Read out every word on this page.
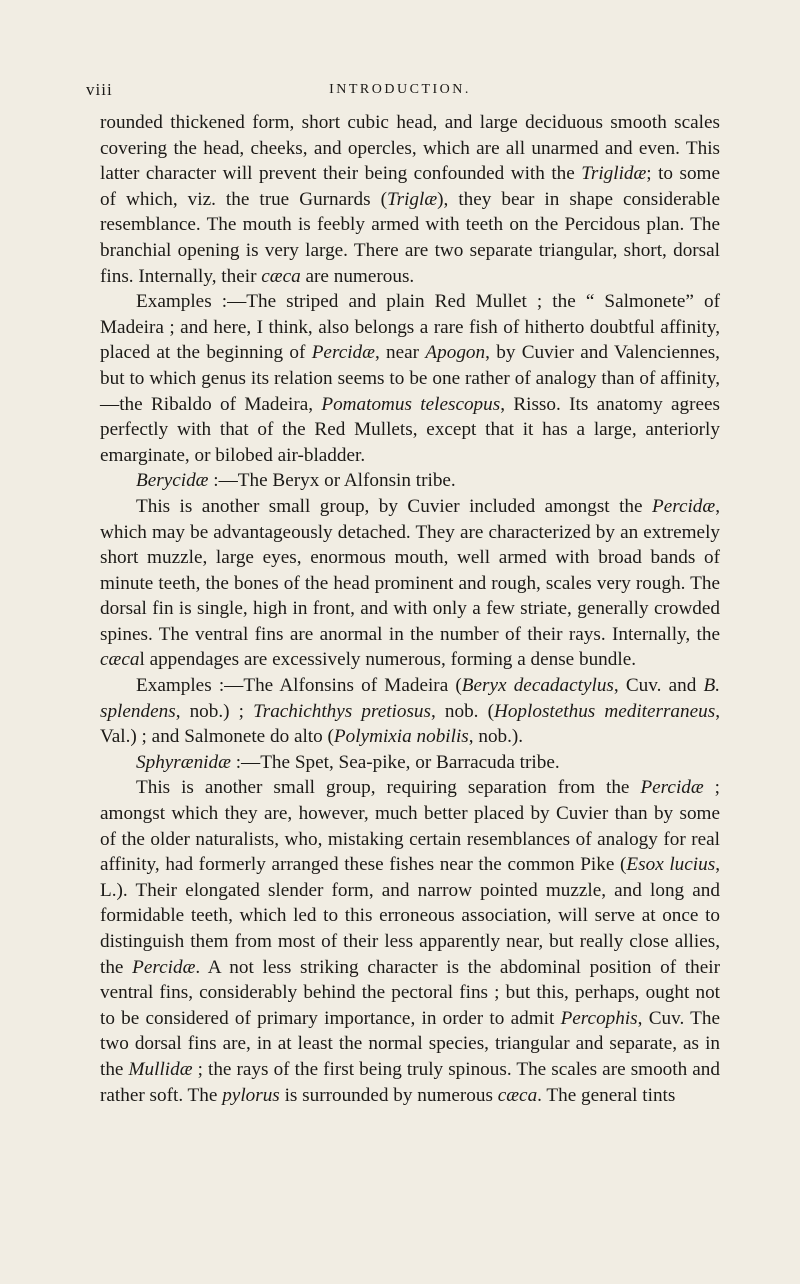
viii	INTRODUCTION.

rounded thickened form, short cubic head, and large deciduous smooth scales covering the head, cheeks, and opercles, which are all unarmed and even. This latter character will prevent their being confounded with the Triglidæ; to some of which, viz. the true Gurnards (Triglæ), they bear in shape considerable resemblance. The mouth is feebly armed with teeth on the Percidous plan. The branchial opening is very large. There are two separate triangular, short, dorsal fins. Internally, their cæca are numerous.

Examples :—The striped and plain Red Mullet ; the “ Salmonete” of Madeira ; and here, I think, also belongs a rare fish of hitherto doubtful affinity, placed at the beginning of Percidæ, near Apogon, by Cuvier and Valenciennes, but to which genus its relation seems to be one rather of analogy than of affinity,—the Ribaldo of Madeira, Pomatomus telescopus, Risso. Its anatomy agrees perfectly with that of the Red Mullets, except that it has a large, anteriorly emarginate, or bilobed air-bladder.

Berycidæ :—The Beryx or Alfonsin tribe.

This is another small group, by Cuvier included amongst the Percidæ, which may be advantageously detached. They are characterized by an extremely short muzzle, large eyes, enormous mouth, well armed with broad bands of minute teeth, the bones of the head prominent and rough, scales very rough. The dorsal fin is single, high in front, and with only a few striate, generally crowded spines. The ventral fins are anormal in the number of their rays. Internally, the cæcal appendages are excessively numerous, forming a dense bundle.

Examples :—The Alfonsins of Madeira (Beryx decadactylus, Cuv. and B. splendens, nob.) ; Trachichthys pretiosus, nob. (Hoplostethus mediterraneus, Val.) ; and Salmonete do alto (Polymixia nobilis, nob.).

Sphyrænidæ :—The Spet, Sea-pike, or Barracuda tribe.

This is another small group, requiring separation from the Percidæ ; amongst which they are, however, much better placed by Cuvier than by some of the older naturalists, who, mistaking certain resemblances of analogy for real affinity, had formerly arranged these fishes near the common Pike (Esox lucius, L.). Their elongated slender form, and narrow pointed muzzle, and long and formidable teeth, which led to this erroneous association, will serve at once to distinguish them from most of their less apparently near, but really close allies, the Percidæ. A not less striking character is the abdominal position of their ventral fins, considerably behind the pectoral fins ; but this, perhaps, ought not to be considered of primary importance, in order to admit Percophis, Cuv. The two dorsal fins are, in at least the normal species, triangular and separate, as in the Mullidæ ; the rays of the first being truly spinous. The scales are smooth and rather soft. The pylorus is surrounded by numerous cæca. The general tints
